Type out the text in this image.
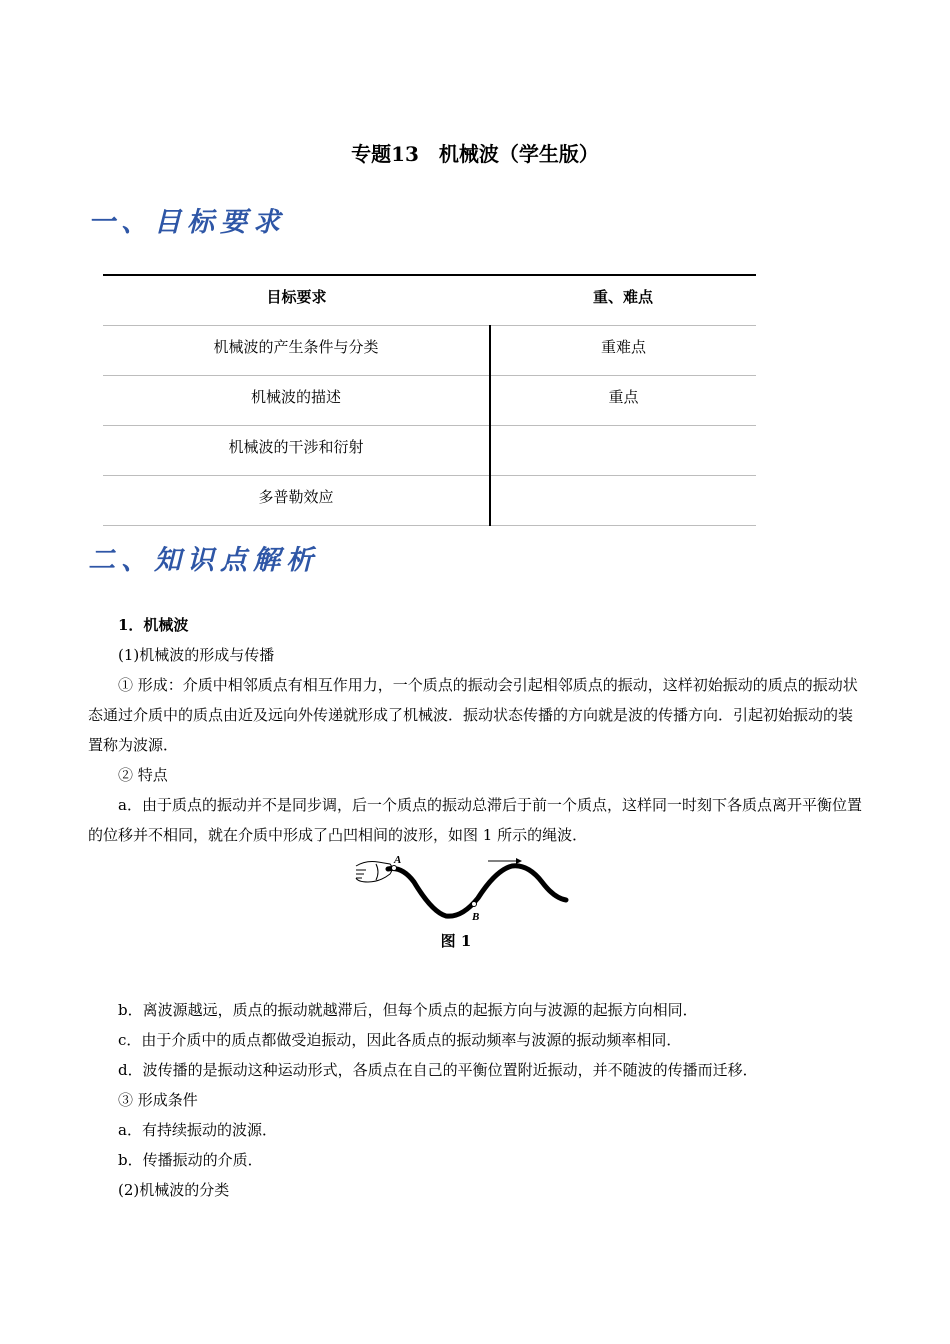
专题13　机械波（学生版）
一、目标要求
目标要求	重、难点
机械波的产生条件与分类	重难点
机械波的描述	重点
机械波的干涉和衍射	
多普勒效应	
二、知识点解析

1．机械波

(1)机械波的形成与传播

① 形成：介质中相邻质点有相互作用力，一个质点的振动会引起相邻质点的振动，这样初始振动的质点的振动状态通过介质中的质点由近及远向外传递就形成了机械波．振动状态传播的方向就是波的传播方向．引起初始振动的装置称为波源．

② 特点

a．由于质点的振动并不是同步调，后一个质点的振动总滞后于前一个质点，这样同一时刻下各质点离开平衡位置的位移并不相同，就在介质中形成了凸凹相间的波形，如图 1 所示的绳波．

A
B
图 1

b．离波源越远，质点的振动就越滞后，但每个质点的起振方向与波源的起振方向相同．

c．由于介质中的质点都做受迫振动，因此各质点的振动频率与波源的振动频率相同．

d．波传播的是振动这种运动形式，各质点在自己的平衡位置附近振动，并不随波的传播而迁移．

③ 形成条件

a．有持续振动的波源．

b．传播振动的介质．

(2)机械波的分类
